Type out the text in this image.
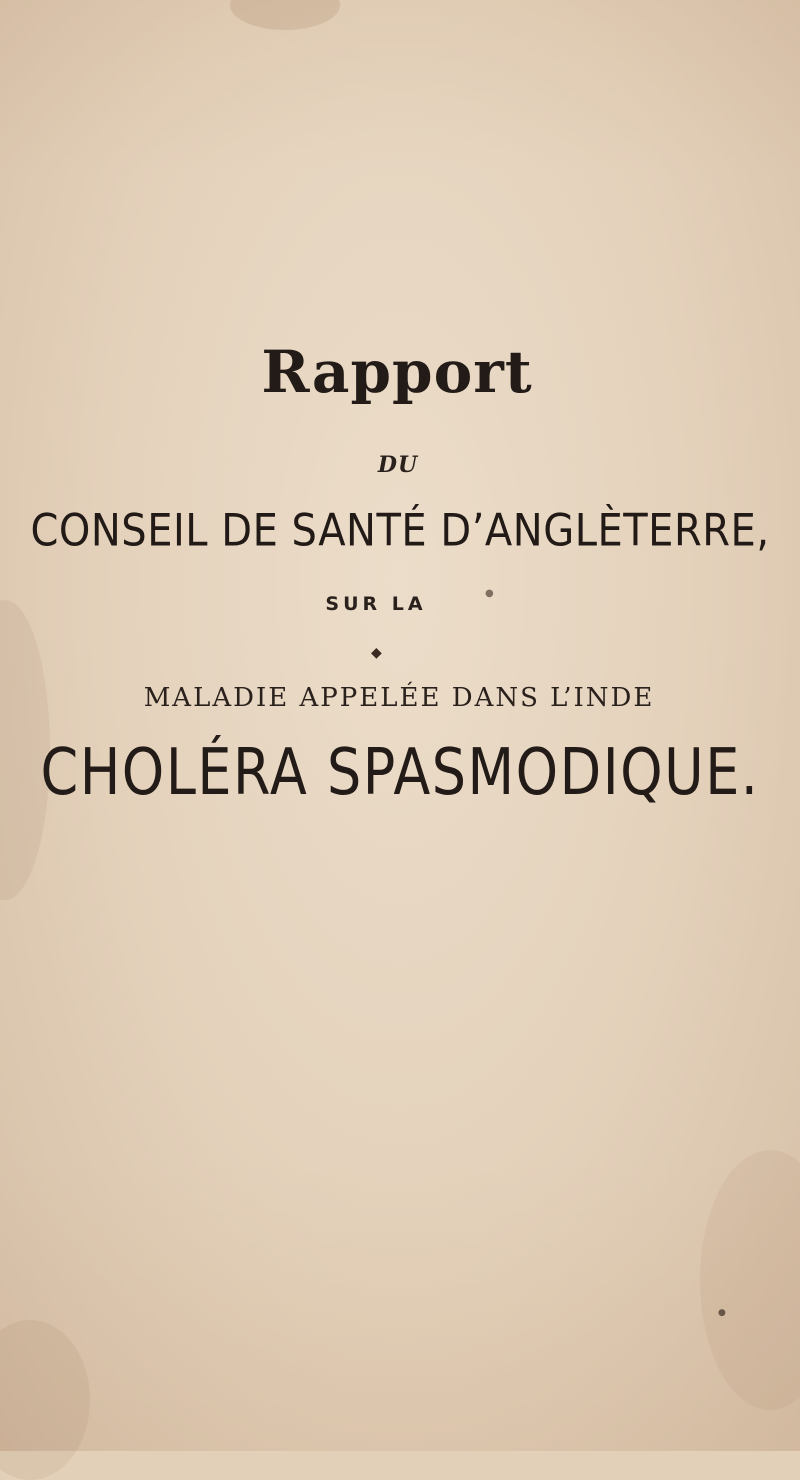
Rapport

DU

CONSEIL DE SANTÉ D’ANGLÈTERRE,

SUR LA

MALADIE APPELÉE DANS L’INDE

CHOLÉRA SPASMODIQUE.

◆
●
●
